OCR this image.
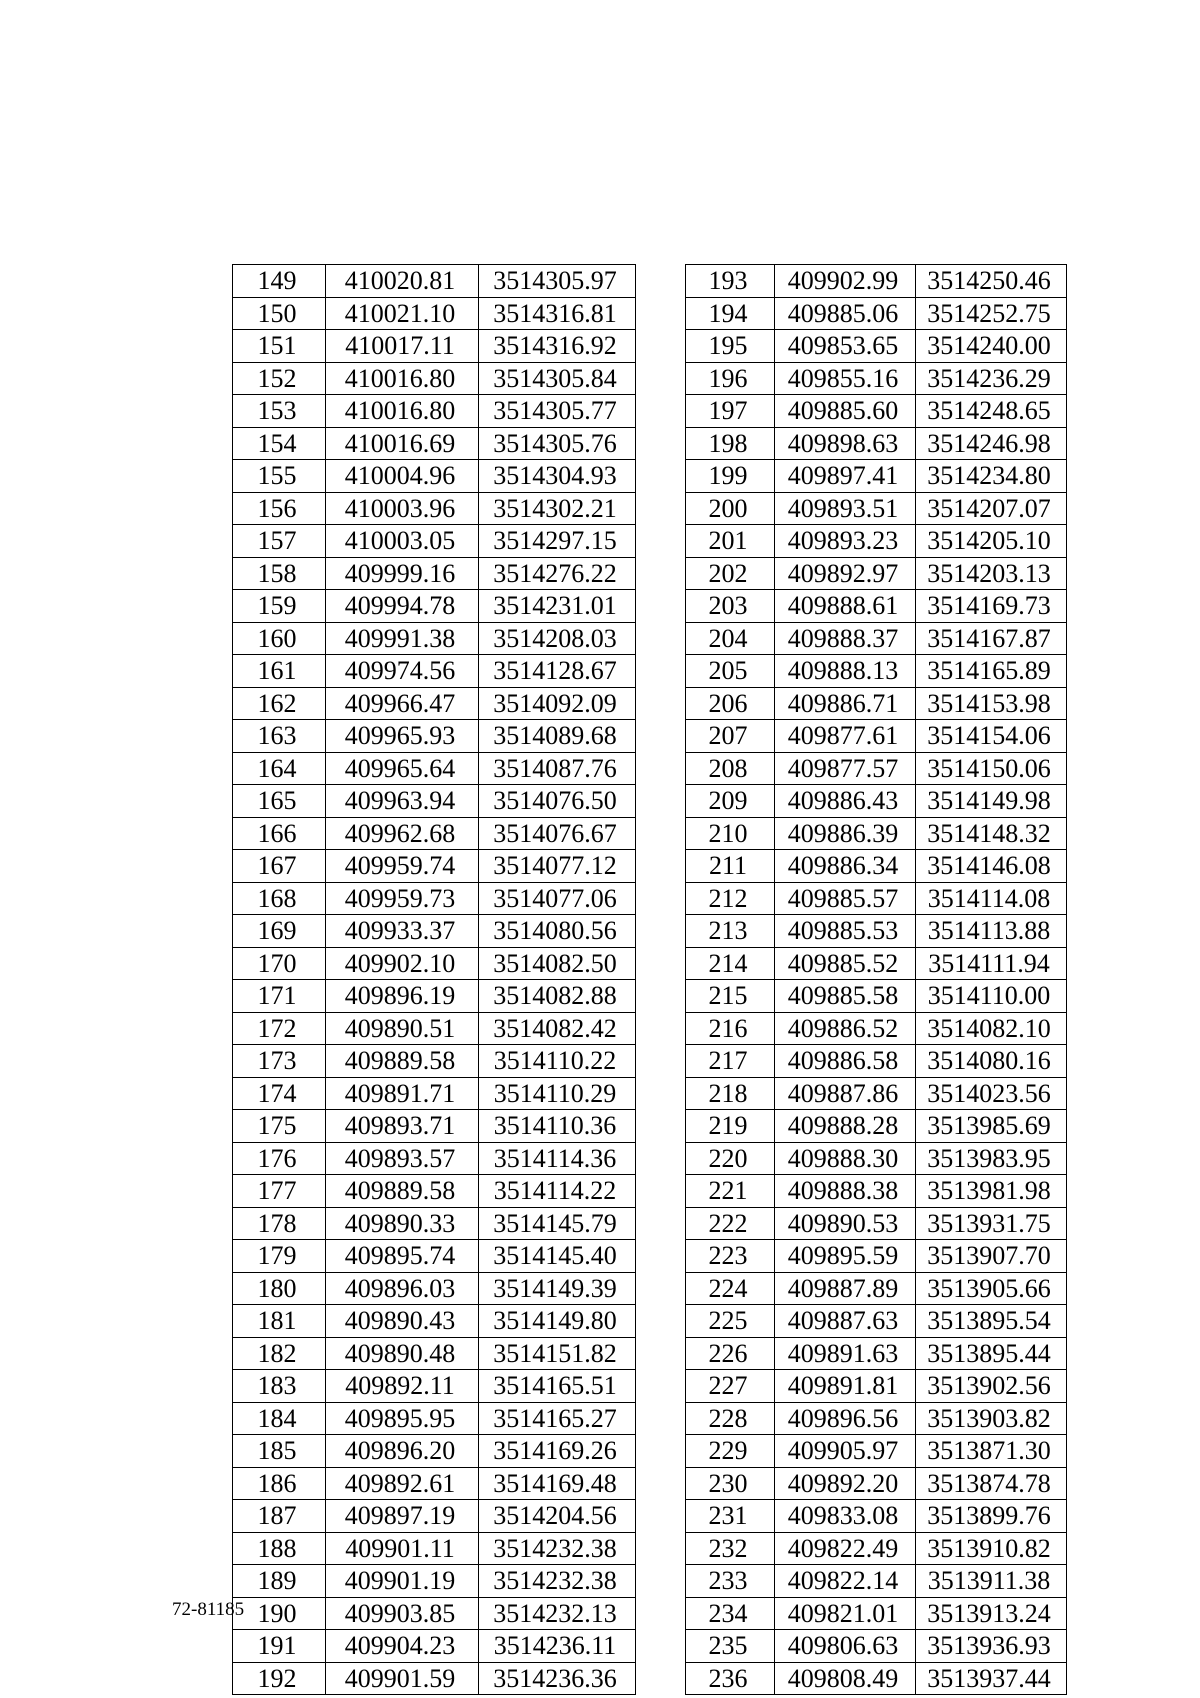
149	410020.81	3514305.97
150	410021.10	3514316.81
151	410017.11	3514316.92
152	410016.80	3514305.84
153	410016.80	3514305.77
154	410016.69	3514305.76
155	410004.96	3514304.93
156	410003.96	3514302.21
157	410003.05	3514297.15
158	409999.16	3514276.22
159	409994.78	3514231.01
160	409991.38	3514208.03
161	409974.56	3514128.67
162	409966.47	3514092.09
163	409965.93	3514089.68
164	409965.64	3514087.76
165	409963.94	3514076.50
166	409962.68	3514076.67
167	409959.74	3514077.12
168	409959.73	3514077.06
169	409933.37	3514080.56
170	409902.10	3514082.50
171	409896.19	3514082.88
172	409890.51	3514082.42
173	409889.58	3514110.22
174	409891.71	3514110.29
175	409893.71	3514110.36
176	409893.57	3514114.36
177	409889.58	3514114.22
178	409890.33	3514145.79
179	409895.74	3514145.40
180	409896.03	3514149.39
181	409890.43	3514149.80
182	409890.48	3514151.82
183	409892.11	3514165.51
184	409895.95	3514165.27
185	409896.20	3514169.26
186	409892.61	3514169.48
187	409897.19	3514204.56
188	409901.11	3514232.38
189	409901.19	3514232.38
190	409903.85	3514232.13
191	409904.23	3514236.11
192	409901.59	3514236.36
193	409902.99	3514250.46
194	409885.06	3514252.75
195	409853.65	3514240.00
196	409855.16	3514236.29
197	409885.60	3514248.65
198	409898.63	3514246.98
199	409897.41	3514234.80
200	409893.51	3514207.07
201	409893.23	3514205.10
202	409892.97	3514203.13
203	409888.61	3514169.73
204	409888.37	3514167.87
205	409888.13	3514165.89
206	409886.71	3514153.98
207	409877.61	3514154.06
208	409877.57	3514150.06
209	409886.43	3514149.98
210	409886.39	3514148.32
211	409886.34	3514146.08
212	409885.57	3514114.08
213	409885.53	3514113.88
214	409885.52	3514111.94
215	409885.58	3514110.00
216	409886.52	3514082.10
217	409886.58	3514080.16
218	409887.86	3514023.56
219	409888.28	3513985.69
220	409888.30	3513983.95
221	409888.38	3513981.98
222	409890.53	3513931.75
223	409895.59	3513907.70
224	409887.89	3513905.66
225	409887.63	3513895.54
226	409891.63	3513895.44
227	409891.81	3513902.56
228	409896.56	3513903.82
229	409905.97	3513871.30
230	409892.20	3513874.78
231	409833.08	3513899.76
232	409822.49	3513910.82
233	409822.14	3513911.38
234	409821.01	3513913.24
235	409806.63	3513936.93
236	409808.49	3513937.44
72-81185
